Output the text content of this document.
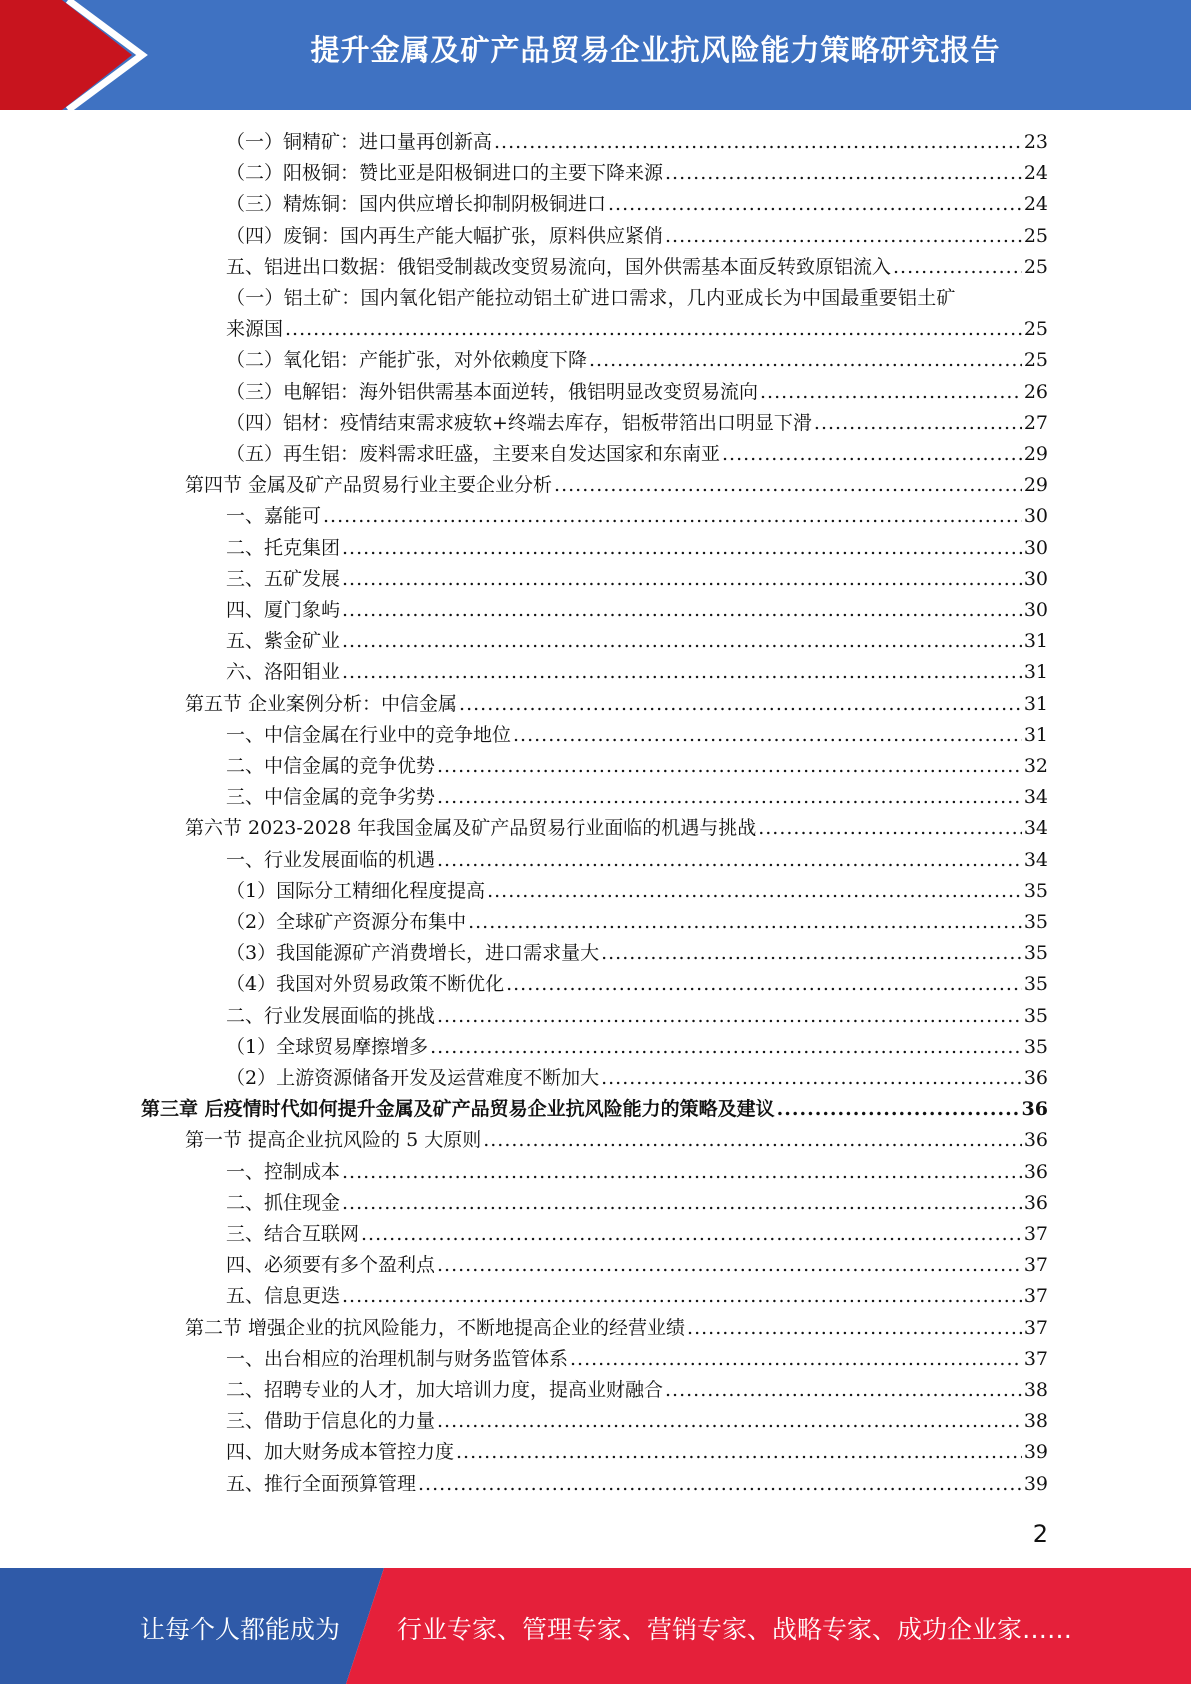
提升金属及矿产品贸易企业抗风险能力策略研究报告
（一）铜精矿：进口量再创新高 .....	23
（二）阳极铜：赞比亚是阳极铜进口的主要下降来源 .....	24
（三）精炼铜：国内供应增长抑制阴极铜进口 .....	24
（四）废铜：国内再生产能大幅扩张，原料供应紧俏 .....	25
五、铝进出口数据：俄铝受制裁改变贸易流向，国外供需基本面反转致原铝流入 .....	25
（一）铝土矿：国内氧化铝产能拉动铝土矿进口需求，几内亚成长为中国最重要铝土矿
来源国 .....	25
（二）氧化铝：产能扩张，对外依赖度下降 .....	25
（三）电解铝：海外铝供需基本面逆转，俄铝明显改变贸易流向 .....	26
（四）铝材：疫情结束需求疲软+终端去库存，铝板带箔出口明显下滑 .....	27
（五）再生铝：废料需求旺盛，主要来自发达国家和东南亚 .....	29
第四节 金属及矿产品贸易行业主要企业分析 .....	29
一、嘉能可 .....	30
二、托克集团 .....	30
三、五矿发展 .....	30
四、厦门象屿 .....	30
五、紫金矿业 .....	31
六、洛阳钼业 .....	31
第五节 企业案例分析：中信金属 .....	31
一、中信金属在行业中的竞争地位 .....	31
二、中信金属的竞争优势 .....	32
三、中信金属的竞争劣势 .....	34
第六节 2023-2028 年我国金属及矿产品贸易行业面临的机遇与挑战 .....	34
一、行业发展面临的机遇 .....	34
（1）国际分工精细化程度提高 .....	35
（2）全球矿产资源分布集中 .....	35
（3）我国能源矿产消费增长，进口需求量大 .....	35
（4）我国对外贸易政策不断优化 .....	35
二、行业发展面临的挑战 .....	35
（1）全球贸易摩擦增多 .....	35
（2）上游资源储备开发及运营难度不断加大 .....	36
第三章 后疫情时代如何提升金属及矿产品贸易企业抗风险能力的策略及建议 .....	36
第一节 提高企业抗风险的 5 大原则 .....	36
一、控制成本 .....	36
二、抓住现金 .....	36
三、结合互联网 .....	37
四、必须要有多个盈利点 .....	37
五、信息更迭 .....	37
第二节 增强企业的抗风险能力，不断地提高企业的经营业绩 .....	37
一、出台相应的治理机制与财务监管体系 .....	37
二、招聘专业的人才，加大培训力度，提高业财融合 .....	38
三、借助于信息化的力量 .....	38
四、加大财务成本管控力度 .....	39
五、推行全面预算管理 .....	39
2
让每个人都能成为 行业专家、管理专家、营销专家、战略专家、成功企业家……
